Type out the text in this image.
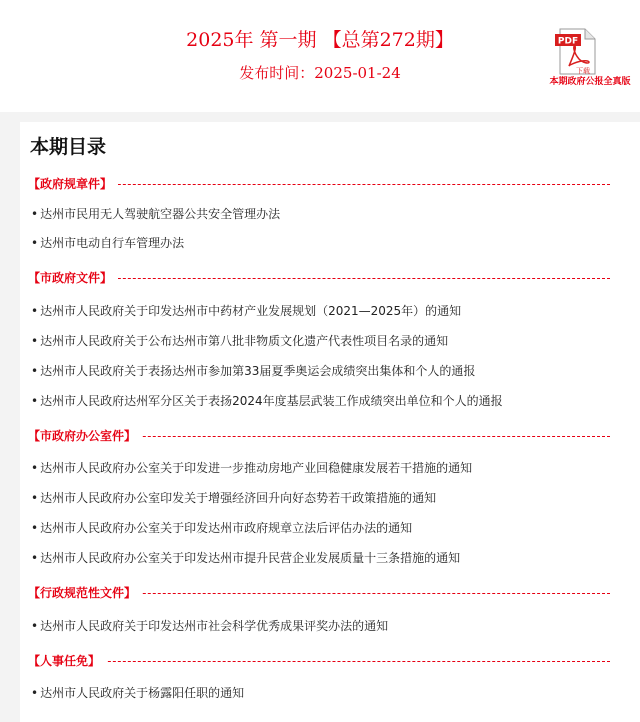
2025年 第一期 【总第272期】
发布时间：2025-01-24
PDF
下载
本期政府公报全真版
本期目录
【政府规章件】
• 达州市民用无人驾驶航空器公共安全管理办法
• 达州市电动自行车管理办法
【市政府文件】
• 达州市人民政府关于印发达州市中药材产业发展规划（2021—2025年）的通知
• 达州市人民政府关于公布达州市第八批非物质文化遗产代表性项目名录的通知
• 达州市人民政府关于表扬达州市参加第33届夏季奥运会成绩突出集体和个人的通报
• 达州市人民政府达州军分区关于表扬2024年度基层武装工作成绩突出单位和个人的通报
【市政府办公室件】
• 达州市人民政府办公室关于印发进一步推动房地产业回稳健康发展若干措施的通知
• 达州市人民政府办公室印发关于增强经济回升向好态势若干政策措施的通知
• 达州市人民政府办公室关于印发达州市政府规章立法后评估办法的通知
• 达州市人民政府办公室关于印发达州市提升民营企业发展质量十三条措施的通知
【行政规范性文件】
• 达州市人民政府关于印发达州市社会科学优秀成果评奖办法的通知
【人事任免】
• 达州市人民政府关于杨露阳任职的通知
